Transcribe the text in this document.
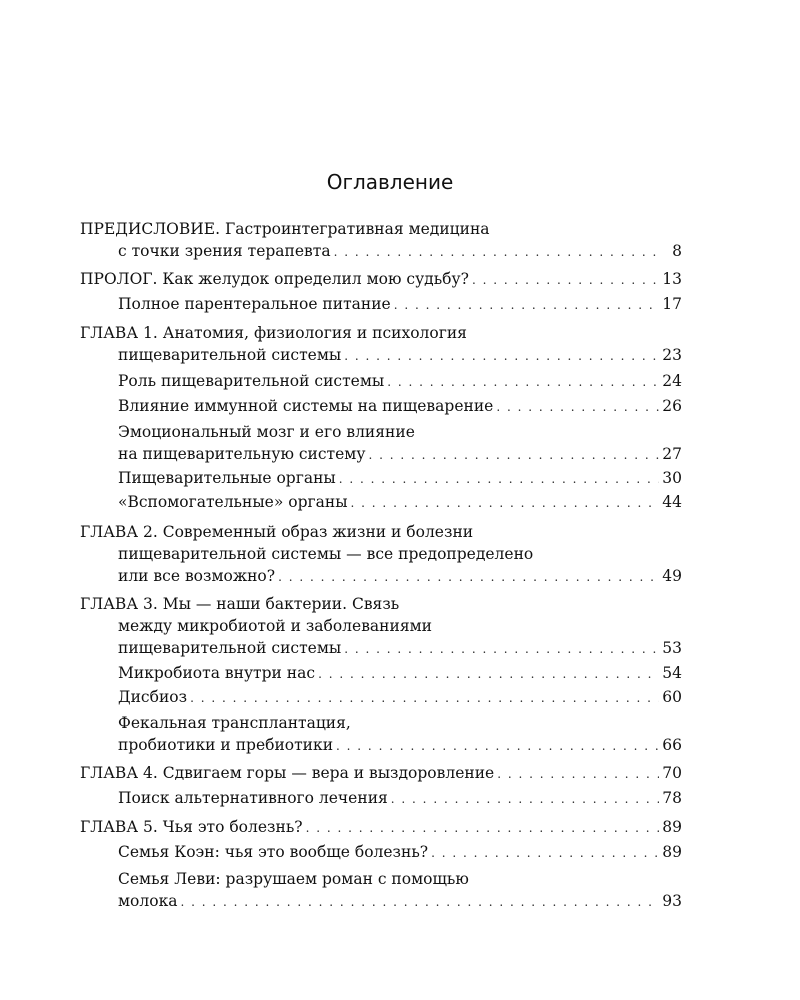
Оглавление
ПРЕДИСЛОВИЕ. Гастроинтегративная медицина
с точки зрения терапевта . . .	8
ПРОЛОГ. Как желудок определил мою судьбу? . . .	13
Полное парентеральное питание . . .	17
ГЛАВА 1. Анатомия, физиология и психология
пищеварительной системы . . .	23
Роль пищеварительной системы . . .	24
Влияние иммунной системы на пищеварение . . .	26
Эмоциональный мозг и его влияние
на пищеварительную систему . . .	27
Пищеварительные органы . . .	30
«Вспомогательные» органы . . .	44
ГЛАВА 2. Современный образ жизни и болезни
пищеварительной системы — все предопределено
или все возможно? . . .	49
ГЛАВА 3. Мы — наши бактерии. Связь
между микробиотой и заболеваниями
пищеварительной системы . . .	53
Микробиота внутри нас . . .	54
Дисбиоз . . .	60
Фекальная трансплантация,
пробиотики и пребиотики . . .	66
ГЛАВА 4. Сдвигаем горы — вера и выздоровление . . .	70
Поиск альтернативного лечения . . .	78
ГЛАВА 5. Чья это болезнь? . . .	89
Семья Коэн: чья это вообще болезнь? . . .	89
Семья Леви: разрушаем роман с помощью
молока . . .	93
